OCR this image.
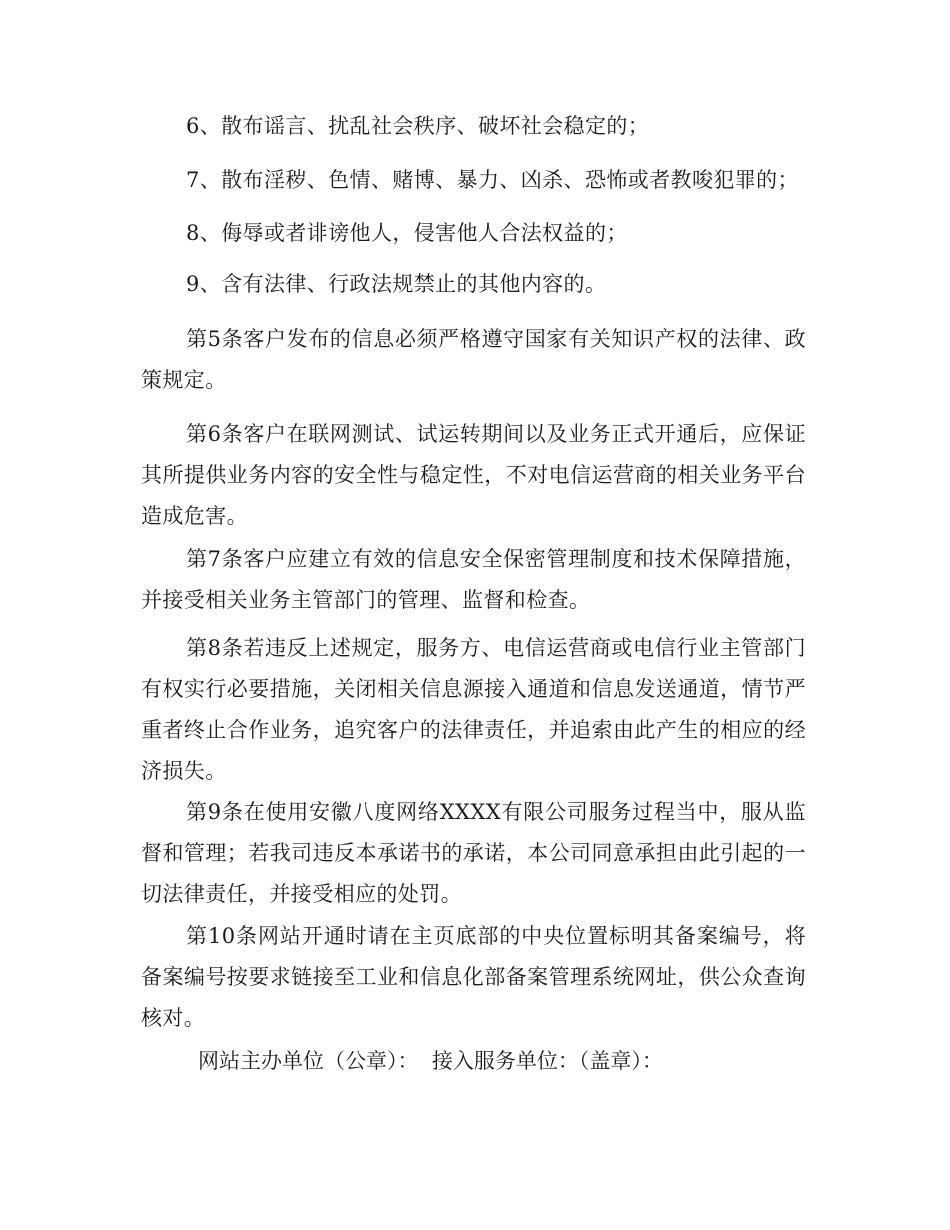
6、散布谣言、扰乱社会秩序、破坏社会稳定的；

7、散布淫秽、色情、赌博、暴力、凶杀、恐怖或者教唆犯罪的；

8、侮辱或者诽谤他人，侵害他人合法权益的；

9、含有法律、行政法规禁止的其他内容的。

第5条客户发布的信息必须严格遵守国家有关知识产权的法律、政策规定。

第6条客户在联网测试、试运转期间以及业务正式开通后，应保证其所提供业务内容的安全性与稳定性，不对电信运营商的相关业务平台造成危害。

第7条客户应建立有效的信息安全保密管理制度和技术保障措施，并接受相关业务主管部门的管理、监督和检查。

第8条若违反上述规定，服务方、电信运营商或电信行业主管部门有权实行必要措施，关闭相关信息源接入通道和信息发送通道，情节严重者终止合作业务，追究客户的法律责任，并追索由此产生的相应的经济损失。

第9条在使用安徽八度网络XXXX有限公司服务过程当中，服从监督和管理；若我司违反本承诺书的承诺，本公司同意承担由此引起的一切法律责任，并接受相应的处罚。

第10条网站开通时请在主页底部的中央位置标明其备案编号，将备案编号按要求链接至工业和信息化部备案管理系统网址，供公众查询核对。

网站主办单位（公章）：  接入服务单位：（盖章）：
